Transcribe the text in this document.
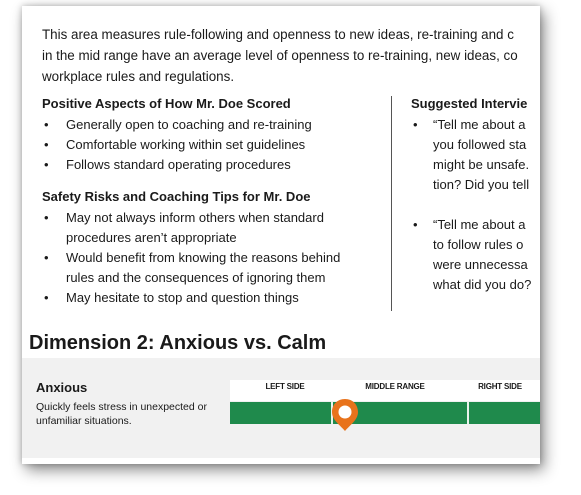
This area measures rule-following and openness to new ideas, re-training and c

in the mid range have an average level of openness to re-training, new ideas, co

workplace rules and regulations.

Positive Aspects of How Mr. Doe Scored
• Generally open to coaching and re-training
• Comfortable working within set guidelines
• Follows standard operating procedures
Safety Risks and Coaching Tips for Mr. Doe
• May not always inform others when standard
procedures aren’t appropriate
• Would benefit from knowing the reasons behind
rules and the consequences of ignoring them
• May hesitate to stop and question things
Suggested Intervie
• “Tell me about a
you followed sta
might be unsafe.
tion? Did you tell
• “Tell me about a
to follow rules o
were unnecessa
what did you do?
Dimension 2: Anxious vs. Calm
Anxious
Quickly feels stress in unexpected or unfamiliar situations.
LEFT SIDE	MIDDLE RANGE	RIGHT SIDE
